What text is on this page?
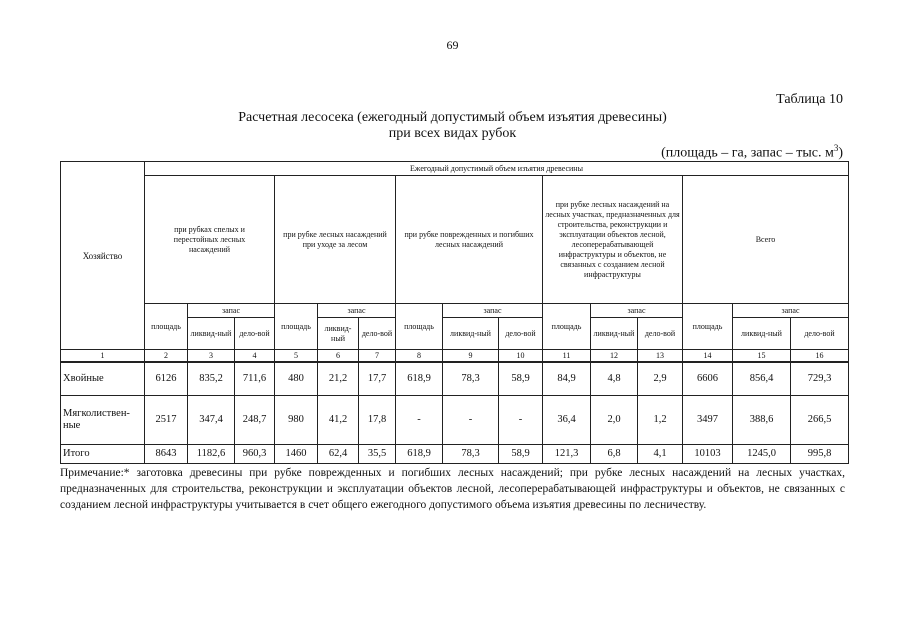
69
Таблица 10
Расчетная лесосека (ежегодный допустимый объем изъятия древесины)
при всех видах рубок
(площадь – га, запас – тыс. $м^3$)
Хозяйство	Ежегодный допустимый объем изъятия древесины														

	при рубках спелых и перестойных лесных насаждений			при рубке лесных насаждений при уходе за лесом			при рубке поврежденных и погибших лесных насаждений			при рубке лесных насаждений на лесных участках, предназначенных для строительства, реконструкции и эксплуатации объектов лесной, лесоперерабатывающей инфраструктуры и объектов, не связанных с созданием лесной инфраструктуры			Всего		
	площадь	запас		площадь	запас		площадь	запас		площадь	запас		площадь	запас	
		ликвид-ный	дело-вой		ликвид-ный	дело-вой		ликвид-ный	дело-вой		ликвид-ный	дело-вой		ликвид-ный	дело-вой
1	2	3	4	5	6	7	8	9	10	11	12	13	14	15	16
Хвойные	6126	835,2	711,6	480	21,2	17,7	618,9	78,3	58,9	84,9	4,8	2,9	6606	856,4	729,3
Мягколиствен-ные	2517	347,4	248,7	980	41,2	17,8	-	-	-	36,4	2,0	1,2	3497	388,6	266,5
Итого	8643	1182,6	960,3	1460	62,4	35,5	618,9	78,3	58,9	121,3	6,8	4,1	10103	1245,0	995,8
Примечание:* заготовка древесины при рубке поврежденных и погибших лесных насаждений; при рубке лесных насаждений на лесных участках, предназначенных для строительства, реконструкции и эксплуатации объектов лесной, лесоперерабатывающей инфраструктуры и объектов, не связанных с созданием лесной инфраструктуры учитывается в счет общего ежегодного допустимого объема изъятия древесины по лесничеству.
